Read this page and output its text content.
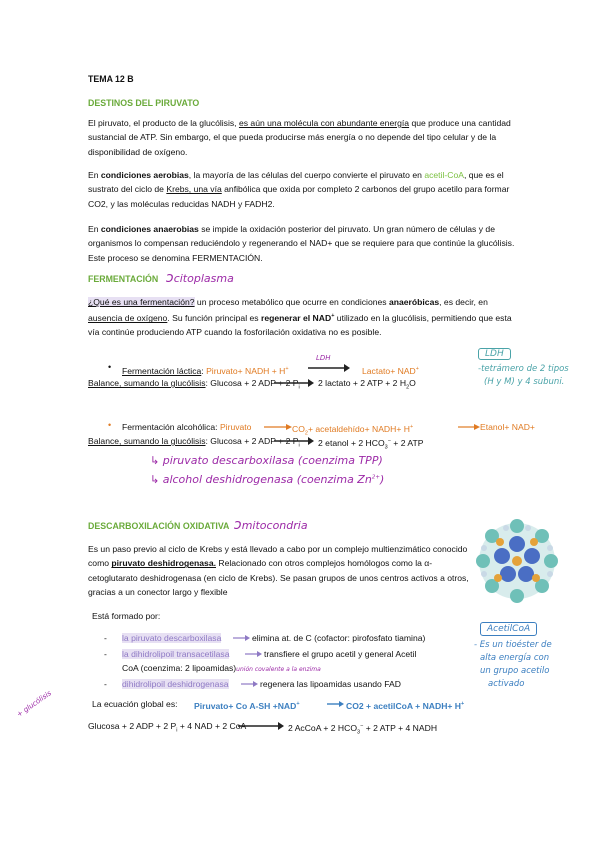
TEMA 12 B
DESTINOS DEL PIRUVATO
El piruvato, el producto de la glucólisis, es aún una molécula con abundante energía que produce una cantidad sustancial de ATP. Sin embargo, el que pueda producirse más energía o no depende del tipo celular y de la disponibilidad de oxígeno.
En condiciones aerobias, la mayoría de las células del cuerpo convierte el piruvato en acetil-CoA, que es el sustrato del ciclo de Krebs, una vía anfibólica que oxida por completo 2 carbonos del grupo acetilo para formar CO2, y las moléculas reducidas NADH y FADH2.
En condiciones anaerobias se impide la oxidación posterior del piruvato. Un gran número de células y de organismos lo compensan reduciéndolo y regenerando el NAD+ que se requiere para que continúe la glucólisis. Este proceso se denomina FERMENTACIÓN.
FERMENTACIÓN ↄcitoplasma
¿Qué es una fermentación? un proceso metabólico que ocurre en condiciones anaeróbicas, es decir, en ausencia de oxígeno. Su función principal es regenerar el NAD+ utilizado en la glucólisis, permitiendo que esta vía continúe produciendo ATP cuando la fosforilación oxidativa no es posible.
• Fermentación láctica: Piruvato+ NADH + H+
LDH
Lactato+ NAD+
Balance, sumando la glucólisis: Glucosa + 2 ADP + 2 $P_i$ 2 lactato + 2 ATP + 2 $H_2O$
LDH
-tetrámero de 2 tipos
(H y M) y 4 subuni.
• Fermentación alcohólica: Piruvato	$CO_2+$ acetaldehído+ NADH+ H+	Etanol+ NAD+
Balance, sumando la glucólisis: Glucosa + 2 ADP + 2 $P_i$ 2 etanol + 2 $HCO_3^- + 2$ ATP
↳ piruvato descarboxilasa (coenzima TPP)
↳ alcohol deshidrogenasa (coenzima $Zn^{2+}$)
DESCARBOXILACIÓN OXIDATIVA ↄmitocondria
Es un paso previo al ciclo de Krebs y está llevado a cabo por un complejo multienzimático conocido como piruvato deshidrogenasa. Relacionado con otros complejos homólogos como la α-cetoglutarato deshidrogenasa (en ciclo de Krebs). Se pasan grupos de unos centros activos a otros, gracias a un conector largo y flexible
Está formado por:
- la piruvato descarboxilasa	elimina at. de C (cofactor: pirofosfato tiamina)
- la dihidrolipoil transacetilasa	transfiere el grupo acetil y general Acetil
CoA (coenzima: 2 lipoamidas)unión covalente a la enzima
- dihidrolipoil deshidrogenasa	regenera las lipoamidas usando FAD
AcetilCoA
- Es un tioéster de
alta energía con
un grupo acetilo
activado
La ecuación global es: Piruvato+ Co A-SH +NAD+	CO2 + acetilCoA + NADH+ H+
+ glucólisis
Glucosa + 2 ADP + 2 $P_i + 4$ NAD + 2 CoA	2 AcCoA + 2 $HCO_3^- + 2$ ATP + 4 NADH
